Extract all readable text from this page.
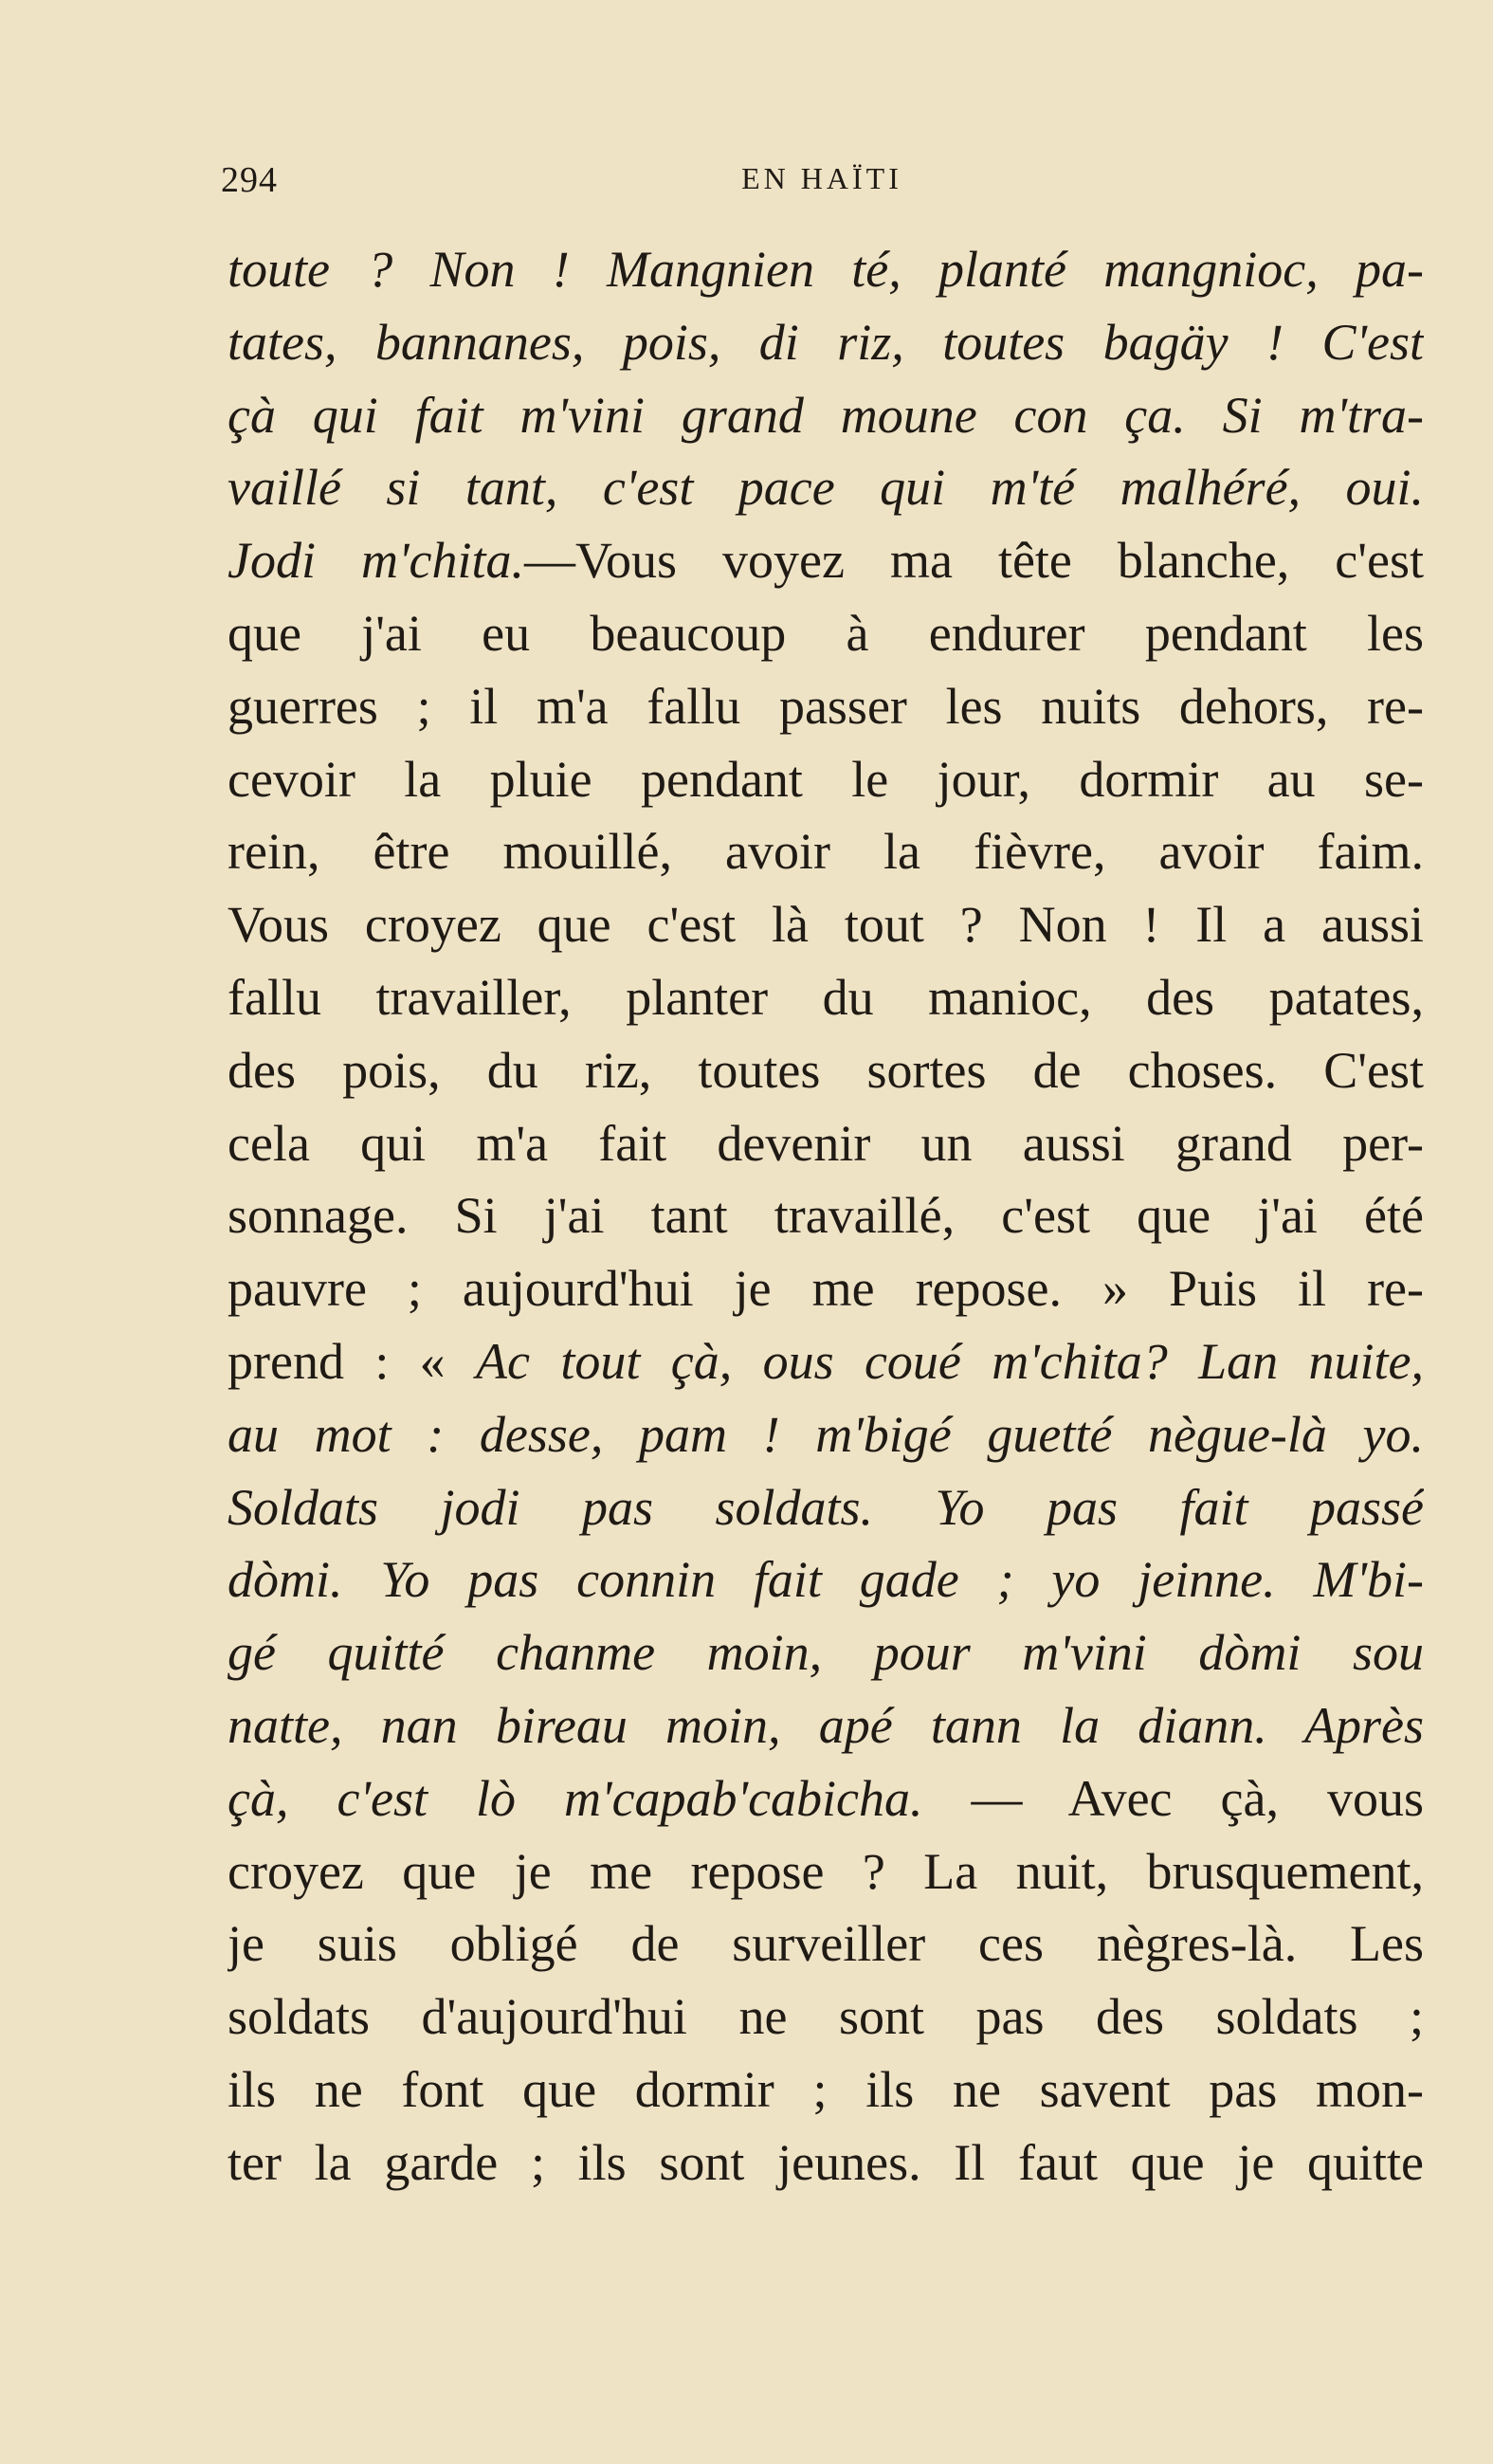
294	EN HAÏTI
toute ? Non ! Mangnien té, planté mangnioc, pa-
tates, bannanes, pois, di riz, toutes bagäy ! C'est
çà qui fait m'vini grand moune con ça. Si m'tra-
vaillé si tant, c'est pace qui m'té malhéré, oui.
Jodi m'chita.—Vous voyez ma tête blanche, c'est
que j'ai eu beaucoup à endurer pendant les
guerres ; il m'a fallu passer les nuits dehors, re-
cevoir la pluie pendant le jour, dormir au se-
rein, être mouillé, avoir la fièvre, avoir faim.
Vous croyez que c'est là tout ? Non ! Il a aussi
fallu travailler, planter du manioc, des patates,
des pois, du riz, toutes sortes de choses. C'est
cela qui m'a fait devenir un aussi grand per-
sonnage. Si j'ai tant travaillé, c'est que j'ai été
pauvre ; aujourd'hui je me repose. » Puis il re-
prend : « Ac tout çà, ous coué m'chita? Lan nuite,
au mot : desse, pam ! m'bigé guetté nègue-là yo.
Soldats jodi pas soldats. Yo pas fait passé
dòmi. Yo pas connin fait gade ; yo jeinne. M'bi-
gé quitté chanme moin, pour m'vini dòmi sou
natte, nan bireau moin, apé tann la diann. Après
çà, c'est lò m'capab'cabicha. — Avec çà, vous
croyez que je me repose ? La nuit, brusquement,
je suis obligé de surveiller ces nègres-là. Les
soldats d'aujourd'hui ne sont pas des soldats ;
ils ne font que dormir ; ils ne savent pas mon-
ter la garde ; ils sont jeunes. Il faut que je quitte
